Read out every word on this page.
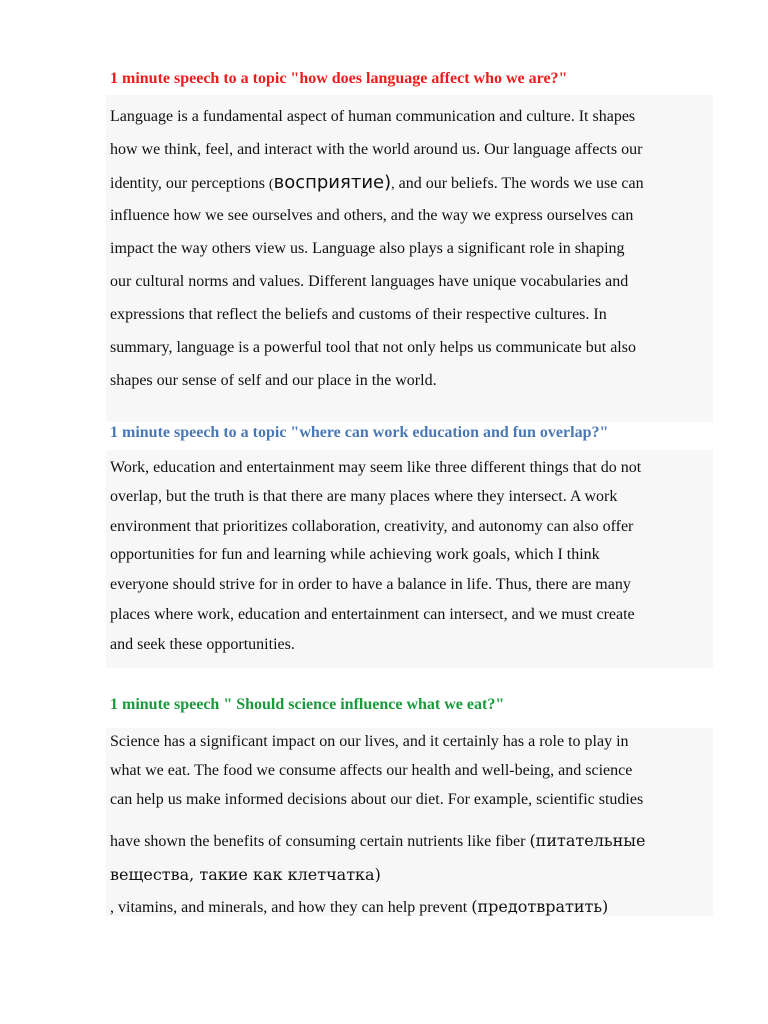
1 minute speech to a topic "how does language affect who we are?"
Language is a fundamental aspect of human communication and culture. It shapes
how we think, feel, and interact with the world around us. Our language affects our
identity, our perceptions (восприятие), and our beliefs. The words we use can
influence how we see ourselves and others, and the way we express ourselves can
impact the way others view us. Language also plays a significant role in shaping
our cultural norms and values. Different languages have unique vocabularies and
expressions that reflect the beliefs and customs of their respective cultures. In
summary, language is a powerful tool that not only helps us communicate but also
shapes our sense of self and our place in the world.
1 minute speech to a topic "where can work education and fun overlap?"
Work, education and entertainment may seem like three different things that do not
overlap, but the truth is that there are many places where they intersect. A work
environment that prioritizes collaboration, creativity, and autonomy can also offer
opportunities for fun and learning while achieving work goals, which I think
everyone should strive for in order to have a balance in life. Thus, there are many
places where work, education and entertainment can intersect, and we must create
and seek these opportunities.
1 minute speech " Should science influence what we eat?"
Science has a significant impact on our lives, and it certainly has a role to play in
what we eat. The food we consume affects our health and well-being, and science
can help us make informed decisions about our diet. For example, scientific studies
have shown the benefits of consuming certain nutrients like fiber (питательные
вещества, такие как клетчатка)
, vitamins, and minerals, and how they can help prevent (предотвратить)
